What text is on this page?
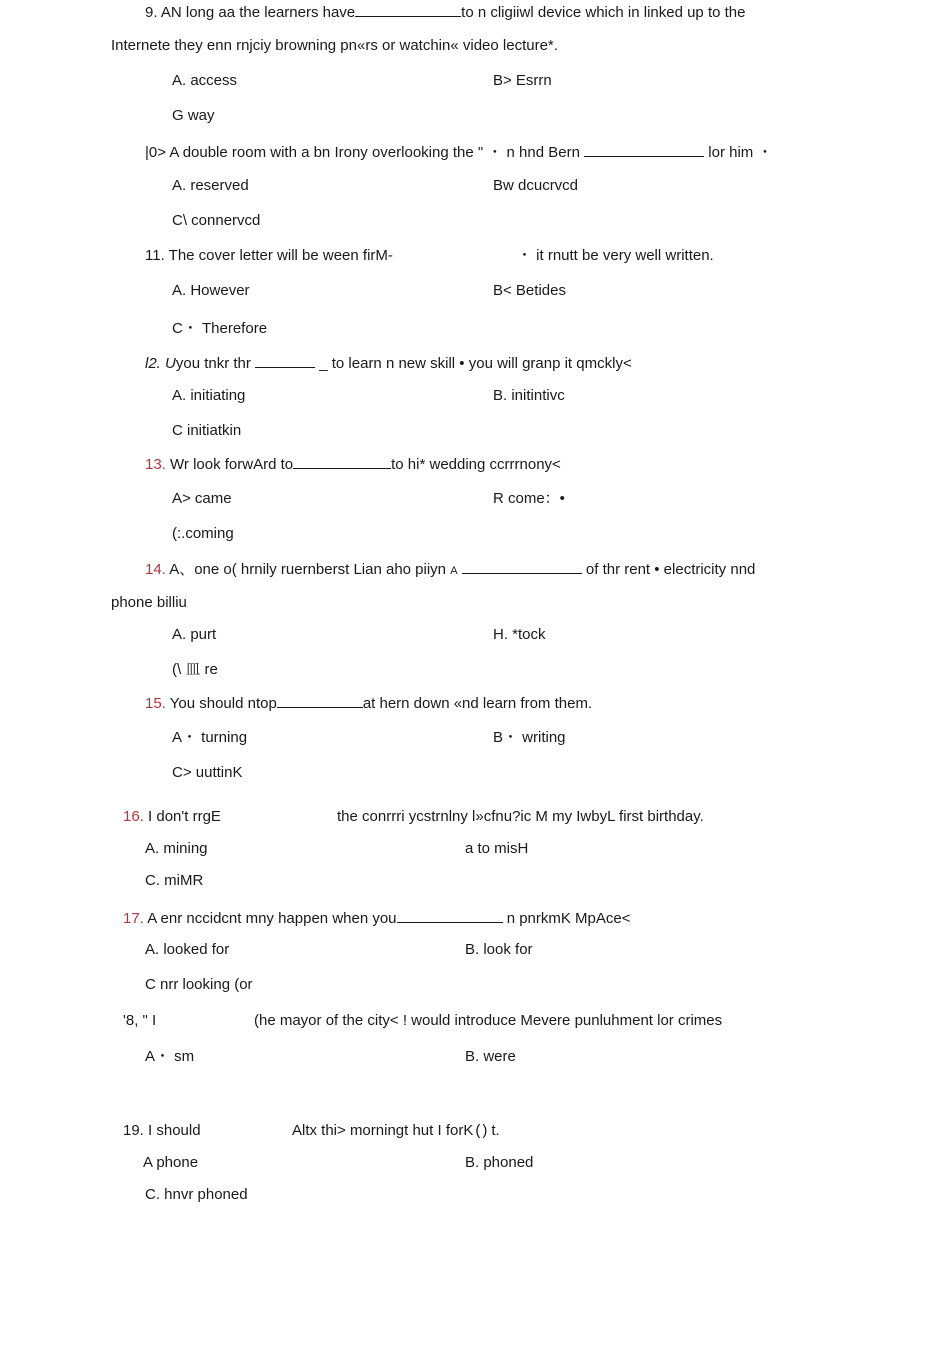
9. AN long aa the learners have	to n cligiiwl device which in linked up to the
Internete they enn rnjciy browning pn«rs or watchin« video lecture*.
A. access	B> Esrrn
G way
|0> A double room with a bn Irony overlooking the " ・ n hnd Bern	lor him ・
A. reserved	Bw dcucrvcd
C\ connervcd
11. The cover letter will be ween firM-	・ it rnutt be very well written.
A. However	B< Betides
C・ Therefore
l2. Uyou tnkr thr	_ to learn n new skill • you will granp it qmckly<
A. initiating	B. initintivc
C initiatkin
13. Wr look forwArd to	to hi* wedding ccrrrnony<
A> came	R come：•
(:.coming
14. A、one o( hrnily ruernberst Lian aho piiyn A	of thr rent • electricity nnd
phone billiu
A. purt	H. *tock
(\ 皿 re
15. You should ntop	at hern down «nd learn from them.
A・ turning	B・ writing
C> uuttinK
16. I don't rrgE	the conrrri ycstrnlny l»cfnu?ic M my IwbyL first birthday.
A. mining	a to misH
C. miMR
17. A enr nccidcnt mny happen when you	n pnrkmK MpAce<
A. looked for	B. look for
C nrr looking (or
'8, " I	(he mayor of the city< ! would introduce Mevere punluhment lor crimes
A・ sm	B. were
19. I should	Altx thi> morningt hut I forK (​) t.
A phone	B. phoned
C. hnvr phoned
